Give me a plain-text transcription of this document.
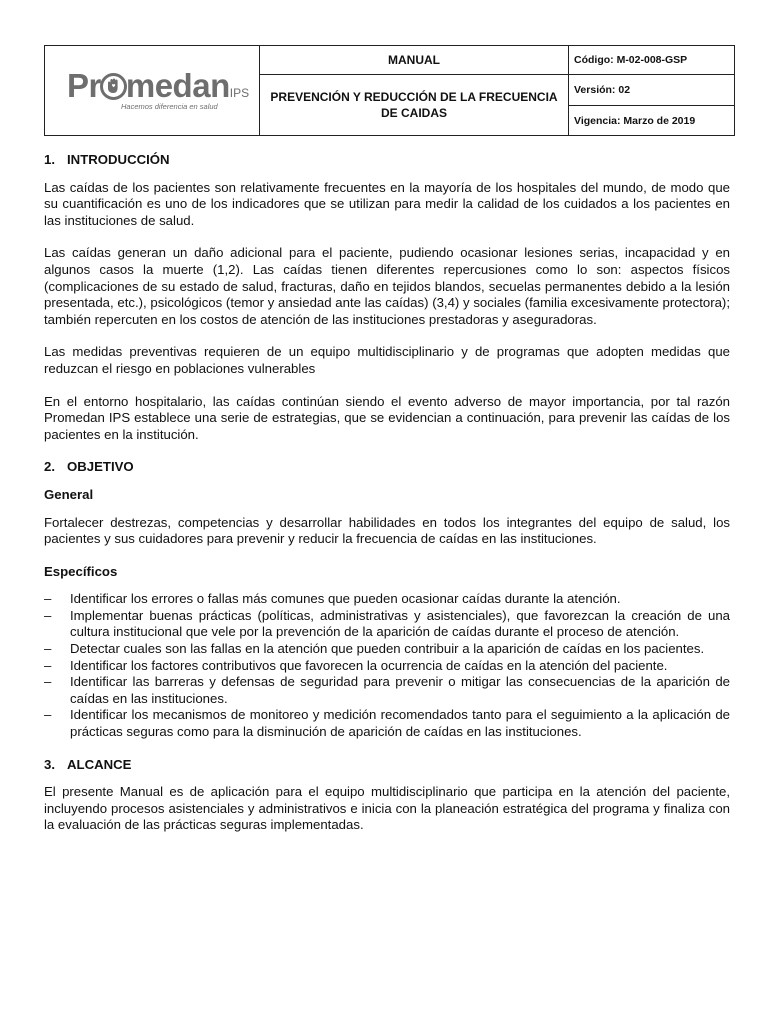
Pr medanIPS
Hacemos diferencia en salud	MANUAL	Código: M-02-008-GSP
	PREVENCIÓN Y REDUCCIÓN DE LA FRECUENCIA DE CAIDAS	Versión: 02
		Vigencia: Marzo de 2019
1. INTRODUCCIÓN

Las caídas de los pacientes son relativamente frecuentes en la mayoría de los hospitales del mundo, de modo que su cuantificación es uno de los indicadores que se utilizan para medir la calidad de los cuidados a los pacientes en las instituciones de salud.

Las caídas generan un daño adicional para el paciente, pudiendo ocasionar lesiones serias, incapacidad y en algunos casos la muerte (1,2). Las caídas tienen diferentes repercusiones como lo son: aspectos físicos (complicaciones de su estado de salud, fracturas, daño en tejidos blandos, secuelas permanentes debido a la lesión presentada, etc.), psicológicos (temor y ansiedad ante las caídas) (3,4) y sociales (familia excesivamente protectora); también repercuten en los costos de atención de las instituciones prestadoras y aseguradoras.

Las medidas preventivas requieren de un equipo multidisciplinario y de programas que adopten medidas que reduzcan el riesgo en poblaciones vulnerables

En el entorno hospitalario, las caídas continúan siendo el evento adverso de mayor importancia, por tal razón Promedan IPS establece una serie de estrategias, que se evidencian a continuación, para prevenir las caídas de los pacientes en la institución.

2. OBJETIVO
General

Fortalecer destrezas, competencias y desarrollar habilidades en todos los integrantes del equipo de salud, los pacientes y sus cuidadores para prevenir y reducir la frecuencia de caídas en las instituciones.

Específicos
– Identificar los errores o fallas más comunes que pueden ocasionar caídas durante la atención.
– Implementar buenas prácticas (políticas, administrativas y asistenciales), que favorezcan la creación de una cultura institucional que vele por la prevención de la aparición de caídas durante el proceso de atención.
– Detectar cuales son las fallas en la atención que pueden contribuir a la aparición de caídas en los pacientes.
– Identificar los factores contributivos que favorecen la ocurrencia de caídas en la atención del paciente.
– Identificar las barreras y defensas de seguridad para prevenir o mitigar las consecuencias de la aparición de caídas en las instituciones.
– Identificar los mecanismos de monitoreo y medición recomendados tanto para el seguimiento a la aplicación de prácticas seguras como para la disminución de aparición de caídas en las instituciones.
3. ALCANCE

El presente Manual es de aplicación para el equipo multidisciplinario que participa en la atención del paciente, incluyendo procesos asistenciales y administrativos e inicia con la planeación estratégica del programa y finaliza con la evaluación de las prácticas seguras implementadas.
